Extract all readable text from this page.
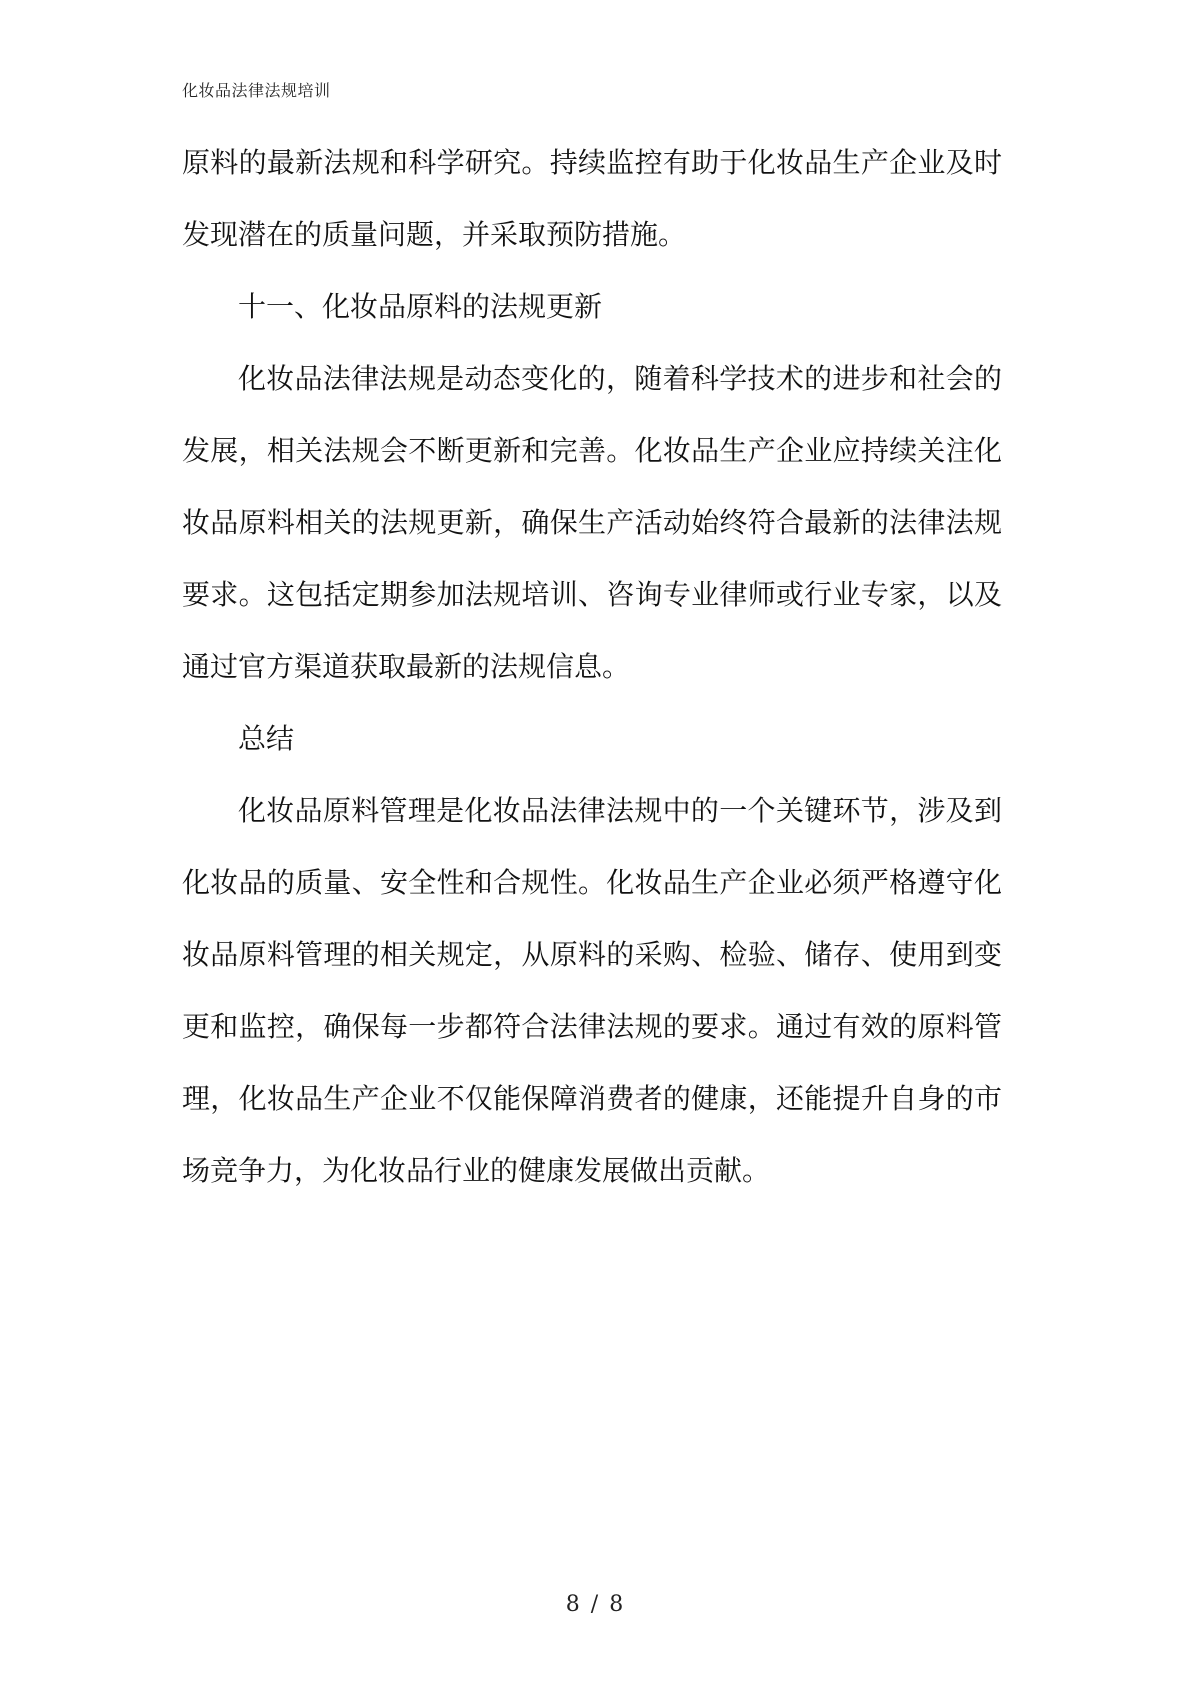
化妆品法律法规培训

原料的最新法规和科学研究。持续监控有助于化妆品生产企业及时发现潜在的质量问题，并采取预防措施。

十一、化妆品原料的法规更新

化妆品法律法规是动态变化的，随着科学技术的进步和社会的发展，相关法规会不断更新和完善。化妆品生产企业应持续关注化妆品原料相关的法规更新，确保生产活动始终符合最新的法律法规要求。这包括定期参加法规培训、咨询专业律师或行业专家，以及通过官方渠道获取最新的法规信息。

总结

化妆品原料管理是化妆品法律法规中的一个关键环节，涉及到化妆品的质量、安全性和合规性。化妆品生产企业必须严格遵守化妆品原料管理的相关规定，从原料的采购、检验、储存、使用到变更和监控，确保每一步都符合法律法规的要求。通过有效的原料管理，化妆品生产企业不仅能保障消费者的健康，还能提升自身的市场竞争力，为化妆品行业的健康发展做出贡献。

8 / 8
